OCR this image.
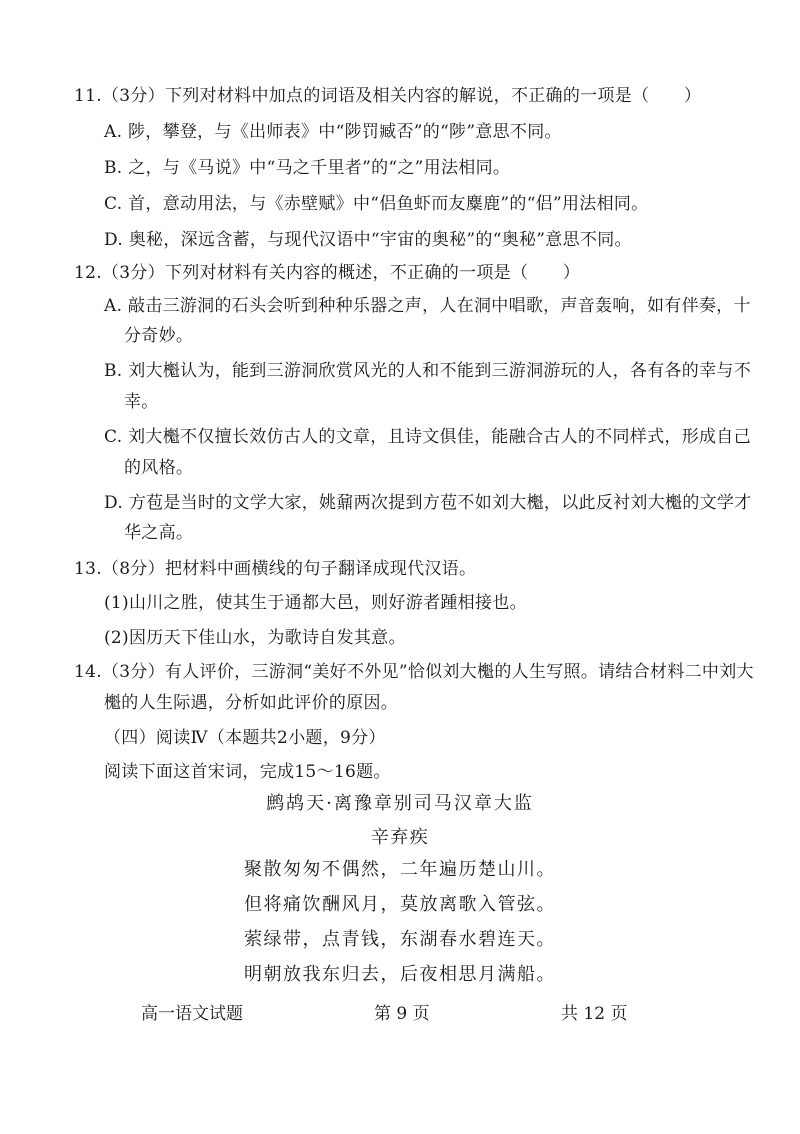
11.（3分）下列对材料中加点的词语及相关内容的解说，不正确的一项是（　　）
A. 陟，攀登，与《出师表》中“陟罚臧否”的“陟”意思不同。
B. 之，与《马说》中“马之千里者”的“之”用法相同。
C. 首，意动用法，与《赤壁赋》中“侣鱼虾而友麋鹿”的“侣”用法相同。
D. 奥秘，深远含蓄，与现代汉语中“宇宙的奥秘”的“奥秘”意思不同。
12.（3分）下列对材料有关内容的概述，不正确的一项是（　　）
A. 敲击三游洞的石头会听到种种乐器之声，人在洞中唱歌，声音轰响，如有伴奏，十
分奇妙。
B. 刘大櫆认为，能到三游洞欣赏风光的人和不能到三游洞游玩的人，各有各的幸与不
幸。
C. 刘大櫆不仅擅长效仿古人的文章，且诗文俱佳，能融合古人的不同样式，形成自己
的风格。
D. 方苞是当时的文学大家，姚鼐两次提到方苞不如刘大櫆，以此反衬刘大櫆的文学才
华之高。
13.（8分）把材料中画横线的句子翻译成现代汉语。
(1)山川之胜，使其生于通都大邑，则好游者踵相接也。
(2)因历天下佳山水，为歌诗自发其意。
14.（3分）有人评价，三游洞“美好不外见”恰似刘大櫆的人生写照。请结合材料二中刘大
櫆的人生际遇，分析如此评价的原因。
（四）阅读Ⅳ（本题共2小题，9分）
阅读下面这首宋词，完成15～16题。
鹧鸪天·离豫章别司马汉章大监
辛弃疾
聚散匆匆不偶然，二年遍历楚山川。
但将痛饮酬风月，莫放离歌入管弦。
萦绿带，点青钱，东湖春水碧连天。
明朝放我东归去，后夜相思月满船。
高一语文试题	第 9 页	共 12 页
